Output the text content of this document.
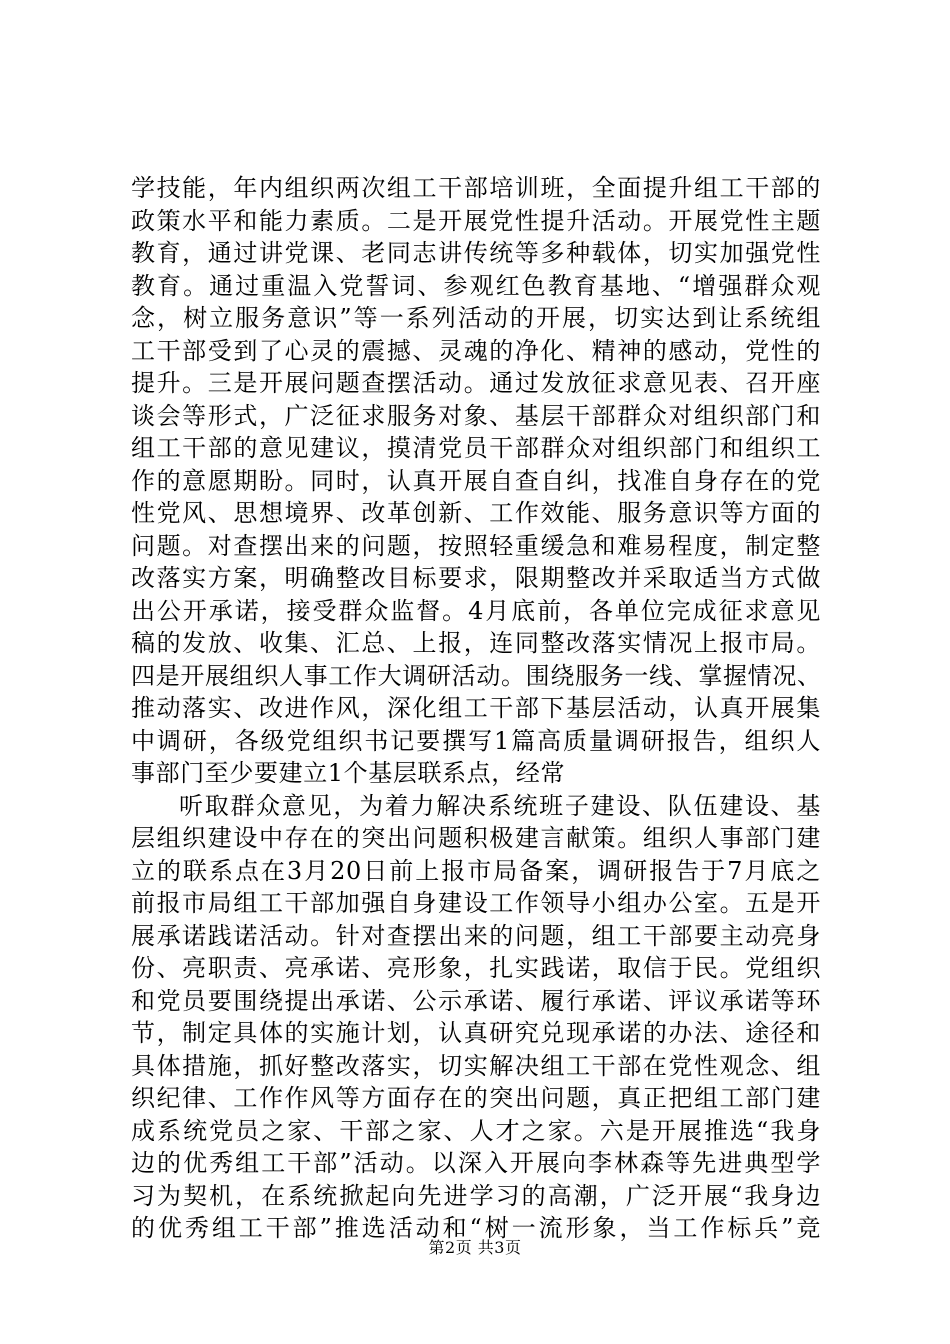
学技能，年内组织两次组工干部培训班，全面提升组工干部的
政策水平和能力素质。二是开展党性提升活动。开展党性主题
教育，通过讲党课、老同志讲传统等多种载体，切实加强党性
教育。通过重温入党誓词、参观红色教育基地、“增强群众观
念，树立服务意识”等一系列活动的开展，切实达到让系统组
工干部受到了心灵的震撼、灵魂的净化、精神的感动，党性的
提升。三是开展问题查摆活动。通过发放征求意见表、召开座
谈会等形式，广泛征求服务对象、基层干部群众对组织部门和
组工干部的意见建议，摸清党员干部群众对组织部门和组织工
作的意愿期盼。同时，认真开展自查自纠，找准自身存在的党
性党风、思想境界、改革创新、工作效能、服务意识等方面的
问题。对查摆出来的问题，按照轻重缓急和难易程度，制定整
改落实方案，明确整改目标要求，限期整改并采取适当方式做
出公开承诺，接受群众监督。4月底前，各单位完成征求意见
稿的发放、收集、汇总、上报，连同整改落实情况上报市局。
四是开展组织人事工作大调研活动。围绕服务一线、掌握情况、
推动落实、改进作风，深化组工干部下基层活动，认真开展集
中调研，各级党组织书记要撰写1篇高质量调研报告，组织人
事部门至少要建立1个基层联系点，经常
听取群众意见，为着力解决系统班子建设、队伍建设、基
层组织建设中存在的突出问题积极建言献策。组织人事部门建
立的联系点在3月20日前上报市局备案，调研报告于7月底之
前报市局组工干部加强自身建设工作领导小组办公室。五是开
展承诺践诺活动。针对查摆出来的问题，组工干部要主动亮身
份、亮职责、亮承诺、亮形象，扎实践诺，取信于民。党组织
和党员要围绕提出承诺、公示承诺、履行承诺、评议承诺等环
节，制定具体的实施计划，认真研究兑现承诺的办法、途径和
具体措施，抓好整改落实，切实解决组工干部在党性观念、组
织纪律、工作作风等方面存在的突出问题，真正把组工部门建
成系统党员之家、干部之家、人才之家。六是开展推选“我身
边的优秀组工干部”活动。以深入开展向李林森等先进典型学
习为契机，在系统掀起向先进学习的高潮，广泛开展“我身边
的优秀组工干部”推选活动和“树一流形象，当工作标兵”竞
第2页 共3页
